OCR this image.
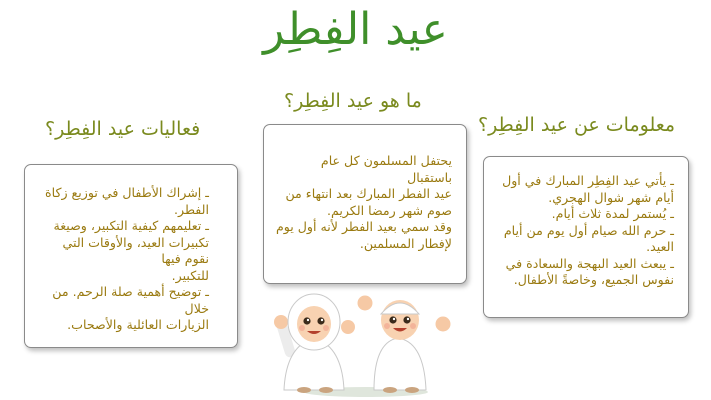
عيد الفِطِر
ما هو عيد الفِطِر؟

يحتفل المسلمون كل عام باستقبال

عيد الفطر المبارك بعد انتهاء من

صوم شهر رمضا الكريم.

وقد سمي بعيد الفطر لأنه أول يوم

لإفطار المسلمين.

فعاليات عيد الفِطِر؟

ـ إشراك الأطفال في توزيع زكاة

الفطر.

ـ تعليمهم كيفية التكبير، وصيغة

تكبيرات العيد، والأوقات التي نقوم فيها

للتكبير.

ـ توضيح أهمية صلة الرحم. من خلال

الزيارات العائلية والأصحاب.

معلومات عن عيد الفِطِر؟

ـ يأتي عيد الفِطِر المبارك في أول

أيام شهر شوال الهجري.

ـ يُستمر لمدة ثلاث أيام.

ـ حرم الله صيام أول يوم من أيام

العيد.

ـ يبعث العيد البهجة والسعادة في

نفوس الجميع، وخاصةً الأطفال.
